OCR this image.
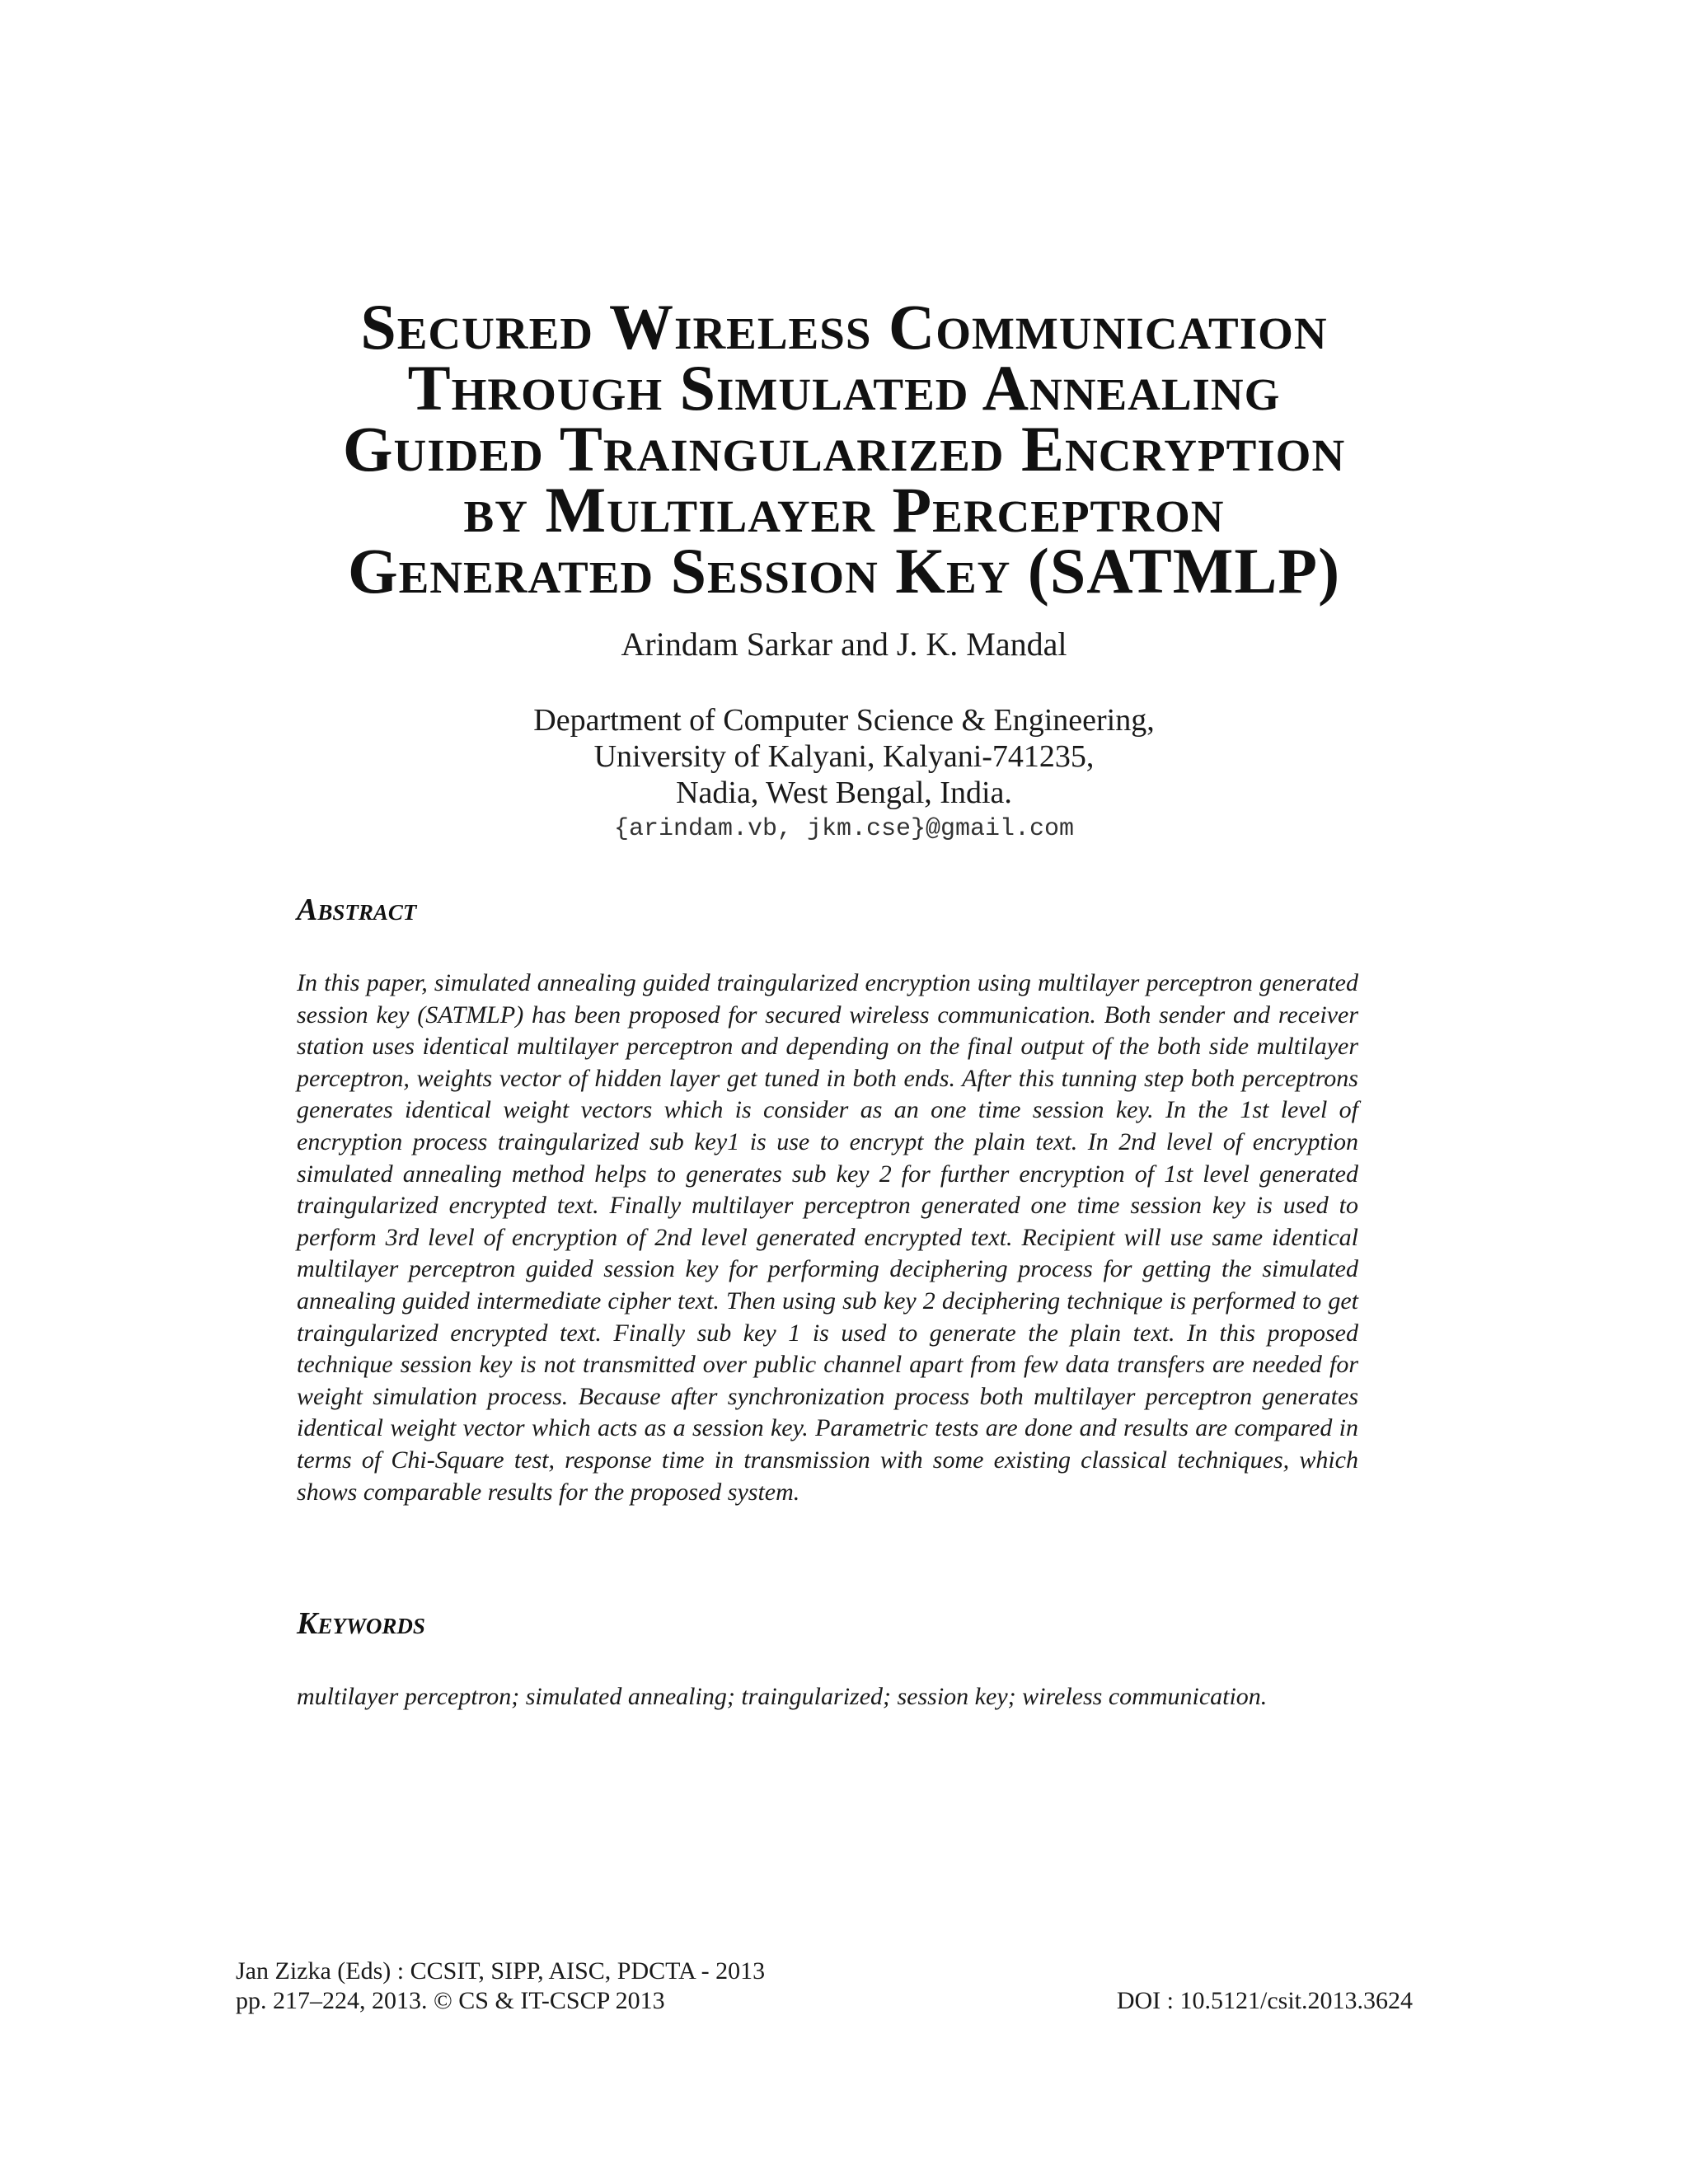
Secured Wireless Communication
Through Simulated Annealing
Guided Traingularized Encryption
by Multilayer Perceptron
Generated Session Key (SATMLP)
Arindam Sarkar and J. K. Mandal
Department of Computer Science & Engineering,
University of Kalyani, Kalyani-741235,
Nadia, West Bengal, India.
{arindam.vb, jkm.cse}@gmail.com
Abstract
In this paper, simulated annealing guided traingularized encryption using multilayer perceptron generated session key (SATMLP) has been proposed for secured wireless communication. Both sender and receiver station uses identical multilayer perceptron and depending on the final output of the both side multilayer perceptron, weights vector of hidden layer get tuned in both ends. After this tunning step both perceptrons generates identical weight vectors which is consider as an one time session key. In the 1st level of encryption process traingularized sub key1 is use to encrypt the plain text. In 2nd level of encryption simulated annealing method helps to generates sub key 2 for further encryption of 1st level generated traingularized encrypted text. Finally multilayer perceptron generated one time session key is used to perform 3rd level of encryption of 2nd level generated encrypted text. Recipient will use same identical multilayer perceptron guided session key for performing deciphering process for getting the simulated annealing guided intermediate cipher text. Then using sub key 2 deciphering technique is performed to get traingularized encrypted text. Finally sub key 1 is used to generate the plain text. In this proposed technique session key is not transmitted over public channel apart from few data transfers are needed for weight simulation process. Because after synchronization process both multilayer perceptron generates identical weight vector which acts as a session key. Parametric tests are done and results are compared in terms of Chi-Square test, response time in transmission with some existing classical techniques, which shows comparable results for the proposed system.
Keywords
multilayer perceptron; simulated annealing; traingularized; session key; wireless communication.
Jan Zizka (Eds) : CCSIT, SIPP, AISC, PDCTA - 2013
pp. 217–224, 2013. © CS & IT-CSCP 2013	DOI : 10.5121/csit.2013.3624
